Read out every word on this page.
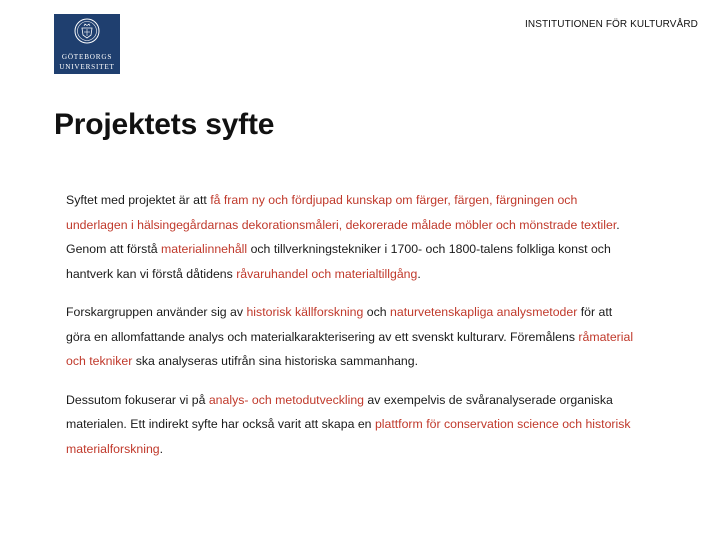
GÖTEBORGS
UNIVERSITET
INSTITUTIONEN FÖR KULTURVÅRD
Projektets syfte

Syftet med projektet är att få fram ny och fördjupad kunskap om färger, färgen, färgningen och underlagen i hälsingegårdarnas dekorationsmåleri, dekorerade målade möbler och mönstrade textiler. Genom att förstå materialinnehåll och tillverkningstekniker i 1700- och 1800-talens folkliga konst och hantverk kan vi förstå dåtidens råvaruhandel och materialtillgång.

Forskargruppen använder sig av historisk källforskning och naturvetenskapliga analysmetoder för att göra en allomfattande analys och materialkarakterisering av ett svenskt kulturarv. Föremålens råmaterial och tekniker ska analyseras utifrån sina historiska sammanhang.

Dessutom fokuserar vi på analys- och metodutveckling av exempelvis de svåranalyserade organiska materialen. Ett indirekt syfte har också varit att skapa en plattform för conservation science och historisk materialforskning.
